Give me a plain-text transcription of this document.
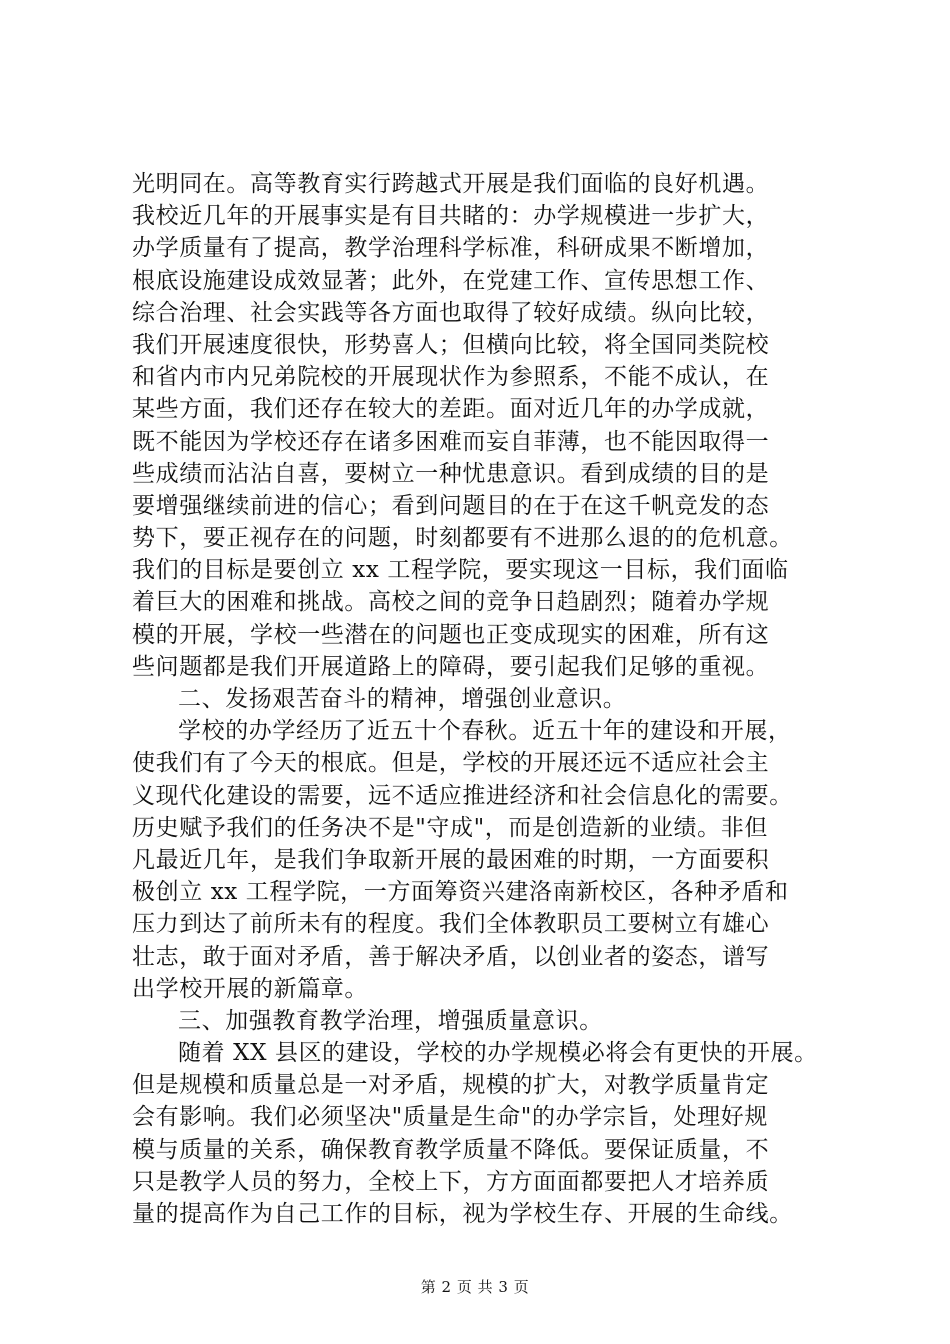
光明同在。高等教育实行跨越式开展是我们面临的良好机遇。
我校近几年的开展事实是有目共睹的：办学规模进一步扩大，
办学质量有了提高，教学治理科学标准，科研成果不断增加，
根底设施建设成效显著；此外，在党建工作、宣传思想工作、
综合治理、社会实践等各方面也取得了较好成绩。纵向比较，
我们开展速度很快，形势喜人；但横向比较，将全国同类院校
和省内市内兄弟院校的开展现状作为参照系，不能不成认，在
某些方面，我们还存在较大的差距。面对近几年的办学成就，
既不能因为学校还存在诸多困难而妄自菲薄，也不能因取得一
些成绩而沾沾自喜，要树立一种忧患意识。看到成绩的目的是
要增强继续前进的信心；看到问题目的在于在这千帆竞发的态
势下，要正视存在的问题，时刻都要有不进那么退的的危机意。
我们的目标是要创立 xx 工程学院，要实现这一目标，我们面临
着巨大的困难和挑战。高校之间的竞争日趋剧烈；随着办学规
模的开展，学校一些潜在的问题也正变成现实的困难，所有这
些问题都是我们开展道路上的障碍，要引起我们足够的重视。
二、发扬艰苦奋斗的精神，增强创业意识。
学校的办学经历了近五十个春秋。近五十年的建设和开展，
使我们有了今天的根底。但是，学校的开展还远不适应社会主
义现代化建设的需要，远不适应推进经济和社会信息化的需要。
历史赋予我们的任务决不是"守成"，而是创造新的业绩。非但
凡最近几年，是我们争取新开展的最困难的时期，一方面要积
极创立 xx 工程学院，一方面筹资兴建洛南新校区，各种矛盾和
压力到达了前所未有的程度。我们全体教职员工要树立有雄心
壮志，敢于面对矛盾，善于解决矛盾，以创业者的姿态，谱写
出学校开展的新篇章。
三、加强教育教学治理，增强质量意识。
随着 XX 县区的建设，学校的办学规模必将会有更快的开展。
但是规模和质量总是一对矛盾，规模的扩大，对教学质量肯定
会有影响。我们必须坚决"质量是生命"的办学宗旨，处理好规
模与质量的关系，确保教育教学质量不降低。要保证质量，不
只是教学人员的努力，全校上下，方方面面都要把人才培养质
量的提高作为自己工作的目标，视为学校生存、开展的生命线。
第 2 页 共 3 页
